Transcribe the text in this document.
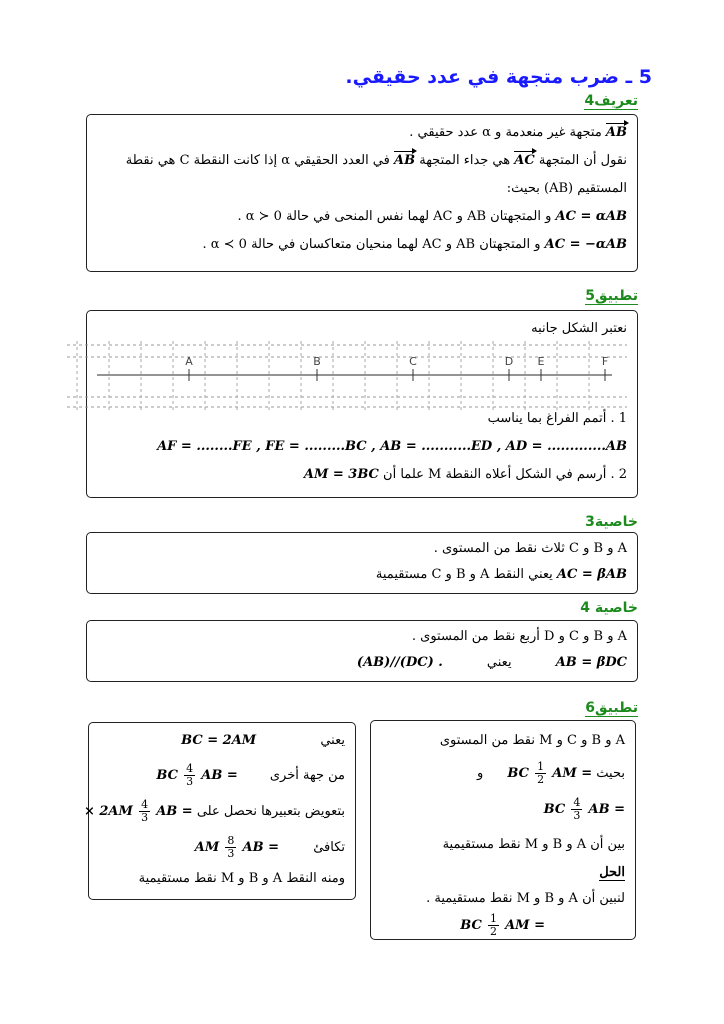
5 ـ ضرب متجهة في عدد حقيقي.
تعريف4
AB متجهة غير منعدمة و α عدد حقيقي .
نقول أن المتجهة AC هي جداء المتجهة AB في العدد الحقيقي α إذا كانت النقطة C هي نقطة
المستقيم (AB) بحيث:
AC = αAB و المتجهتان AB و AC لهما نفس المنحى في حالة α ≻ 0 .
AC = −αAB و المتجهتان AB و AC لهما منحيان متعاكسان في حالة α ≺ 0 .
تطبيق5
نعتبر الشكل جانبه
A	B	C	D E	F
1 . أتمم الفراغ بما يناسب
AF = ........FE , FE = .........BC , AB = ...........ED , AD = .............AB
2 . أرسم في الشكل أعلاه النقطة M علما أن AM = 3BC
خاصية3
A و B و C ثلاث نقط من المستوى .
AC = βAB يعني النقط A و B و C مستقيمية
خاصية 4
A و B و C و D أربع نقط من المستوى .
AB = βDC يعني (AB)//(DC) .
تطبيق6
A و B و C و M نقط من المستوى
بحيث AM =
$\frac{1}{2}$
BC و
AB =
$\frac{4}{3}$
BC
بين أن A و B و M نقط مستقيمية
الحل
لنبين أن A و B و M نقط مستقيمية .
AM =
$\frac{1}{2}$
BC
يعني BC = 2AM
من جهة أخرى AB =
$\frac{4}{3}$
BC
بتعويض بتعبيرها نحصل على AB =
$\frac{4}{3}$
× 2AM
تكافئ AB =
$\frac{8}{3}$
AM
ومنه النقط A و B و M نقط مستقيمية
